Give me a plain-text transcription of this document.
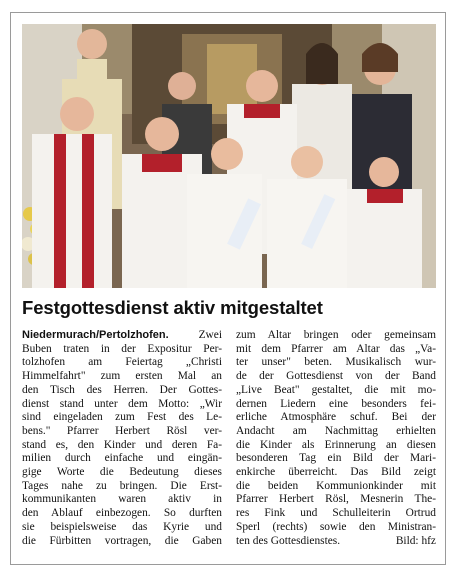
Festgottesdienst aktiv mitgestaltet
Niedermurach/Pertolzhofen.	Zwei
Buben traten in der Expositur Per-
tolzhofen am Feiertag „Christi
Himmelfahrt" zum ersten Mal an
den Tisch des Herren. Der Gottes-
dienst stand unter dem Motto: „Wir
sind eingeladen zum Fest des Le-
bens." Pfarrer Herbert Rösl ver-
stand es, den Kinder und deren Fa-
milien durch einfache und eingän-
gige Worte die Bedeutung dieses
Tages nahe zu bringen. Die Erst-
kommunikanten waren aktiv in
den Ablauf einbezogen. So durften
sie beispielsweise das Kyrie und
die Fürbitten vortragen, die Gaben
zum Altar bringen oder gemeinsam
mit dem Pfarrer am Altar das „Va-
ter unser" beten. Musikalisch wur-
de der Gottesdienst von der Band
„Live Beat" gestaltet, die mit mo-
dernen Liedern eine besonders fei-
erliche Atmosphäre schuf. Bei der
Andacht am Nachmittag erhielten
die Kinder als Erinnerung an diesen
besonderen Tag ein Bild der Mari-
enkirche überreicht. Das Bild zeigt
die beiden Kommunionkinder mit
Pfarrer Herbert Rösl, Mesnerin The-
res Fink und Schulleiterin Ortrud
Sperl (rechts) sowie den Ministran-
ten des Gottesdienstes.	Bild: hfz
